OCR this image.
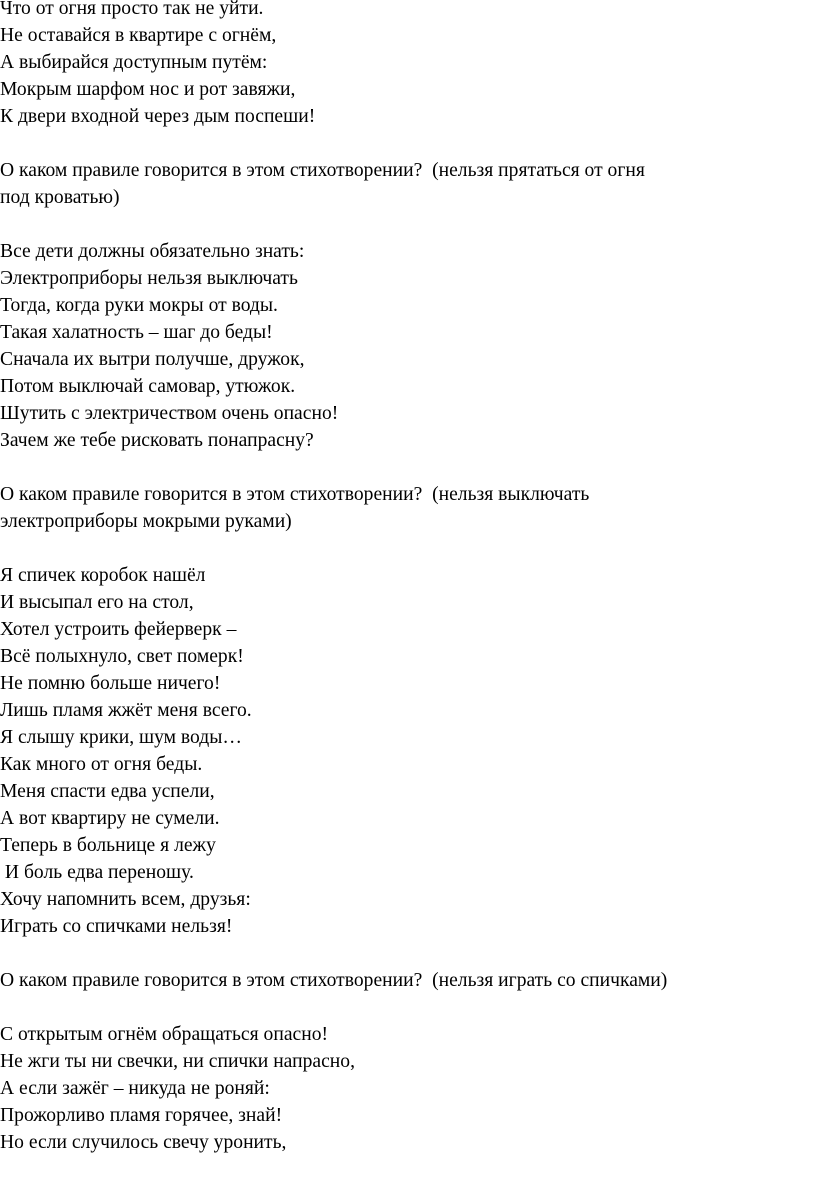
Что от огня просто так не уйти.
Не оставайся в квартире с огнём,
А выбирайся доступным путём:
Мокрым шарфом нос и рот завяжи,
К двери входной через дым поспеши!
О каком правиле говорится в этом стихотворении?  (нельзя прятаться от огня
под кроватью)
Все дети должны обязательно знать:
Электроприборы нельзя выключать
Тогда, когда руки мокры от воды.
Такая халатность – шаг до беды!
Сначала их вытри получше, дружок,
Потом выключай самовар, утюжок.
Шутить с электричеством очень опасно!
Зачем же тебе рисковать понапрасну?
О каком правиле говорится в этом стихотворении?  (нельзя выключать
электроприборы мокрыми руками)
Я спичек коробок нашёл
И высыпал его на стол,
Хотел устроить фейерверк –
Всё полыхнуло, свет померк!
Не помню больше ничего!
Лишь пламя жжёт меня всего.
Я слышу крики, шум воды…
Как много от огня беды.
Меня спасти едва успели,
А вот квартиру не сумели.
Теперь в больнице я лежу
И боль едва переношу.
Хочу напомнить всем, друзья:
Играть со спичками нельзя!
О каком правиле говорится в этом стихотворении?  (нельзя играть со спичками)
С открытым огнём обращаться опасно!
Не жги ты ни свечки, ни спички напрасно,
А если зажёг – никуда не роняй:
Прожорливо пламя горячее, знай!
Но если случилось свечу уронить,
